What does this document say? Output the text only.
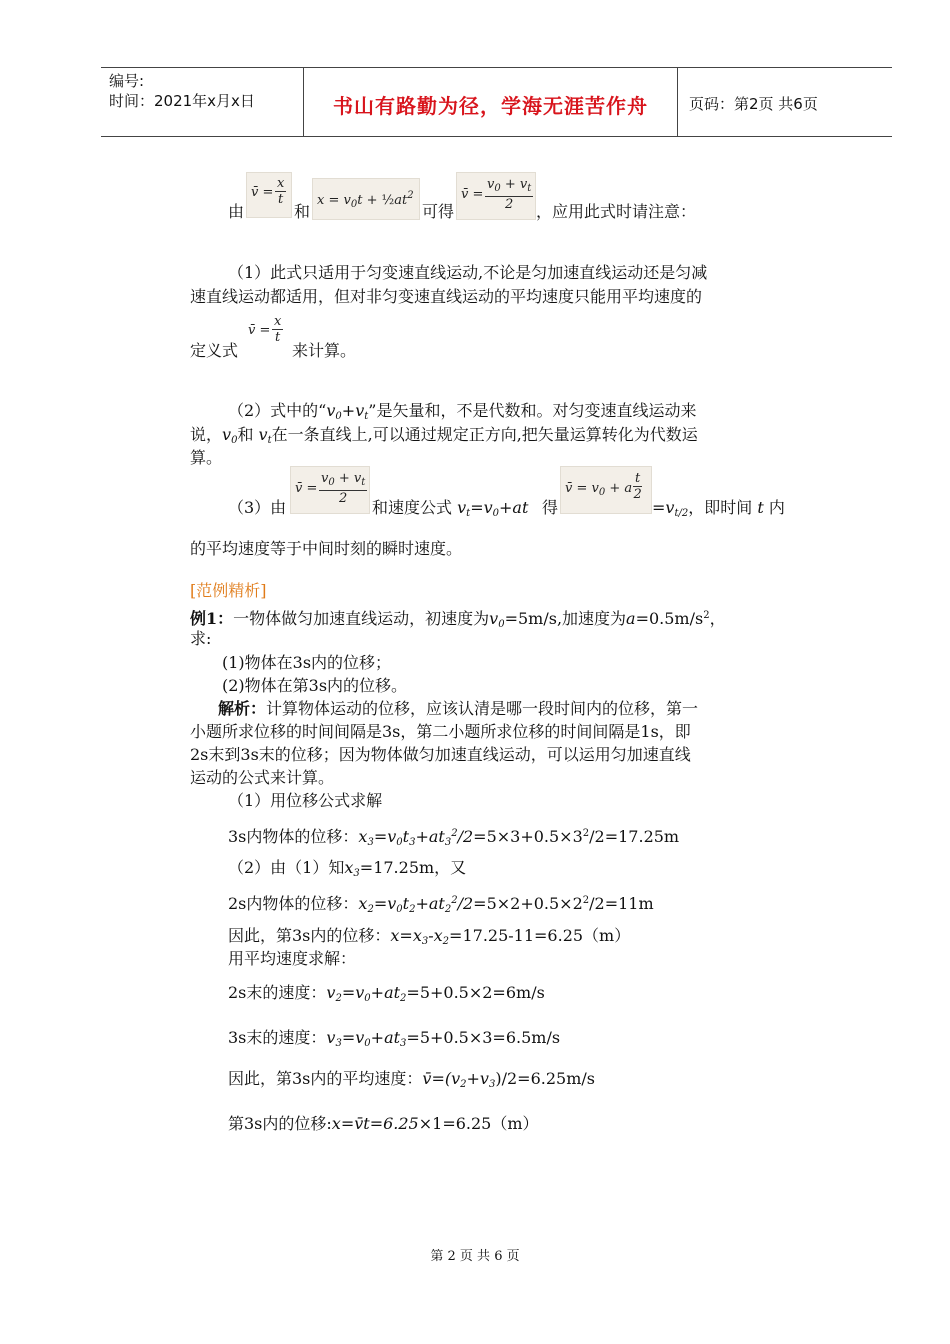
编号:
时间：2021年x月x日	书山有路勤为径，学海无涯苦作舟	页码：第2页 共6页
由
v̄ = $\frac{x}{t}$
和
$x = v_0t$ + $\frac{1}{2}at^2$
可得
v̄ = $\frac{v_0 + v_t}{2}$ ，应用此式时请注意：
（1）此式只适用于匀变速直线运动,不论是匀加速直线运动还是匀减
速直线运动都适用，但对非匀变速直线运动的平均速度只能用平均速度的
定义式
v̄ = $\frac{x}{t}$
来计算。
（2）式中的“$v_0+v_t$”是矢量和，不是代数和。对匀变速直线运动来
说，$v_0$和 $v_t$在一条直线上,可以通过规定正方向,把矢量运算转化为代数运
算。
（3）由
v̄ = $\frac{v_0 + v_t}{2}$
和速度公式 $v_t=v_0+at$ 得
v̄ = $v_0 + a \frac{t}{2}$
$=v_{t/2}$，即时间 t 内
的平均速度等于中间时刻的瞬时速度。
[范例精析]
例1：一物体做匀加速直线运动，初速度为$v_0=5m/s$,加速度为$a=0.5m/s^2$，
求:
(1)物体在3s内的位移；
(2)物体在第3s内的位移。
解析：计算物体运动的位移，应该认清是哪一段时间内的位移，第一
小题所求位移的时间间隔是3s，第二小题所求位移的时间间隔是1s，即
2s末到3s末的位移；因为物体做匀加速直线运动，可以运用匀加速直线
运动的公式来计算。
（1）用位移公式求解
3s内物体的位移：$x_3=v_0t_3+at_3^2/2=5\times 3+0.5\times 3^2/2=17.25m$
（2）由（1）知$x_3=17.25m$，又
2s内物体的位移：$x_2=v_0t_2+at_2^2/2=5\times 2+0.5\times 2^2/2=11m$
因此，第3s内的位移：$x=x_3-x_2=17.25-11=6.25(m)$
用平均速度求解：
2s末的速度：$v_2=v_0+at_2=5+0.5\times 2=6m/s$
3s末的速度：$v_3=v_0+at_3=5+0.5\times 3=6.5m/s$
因此，第3s内的平均速度：$v̄=(v_2+v_3)/2=6.25m/s$
第3s内的位移:x=v̄t=6.25×1=6.25（m）
第 2 页 共 6 页
